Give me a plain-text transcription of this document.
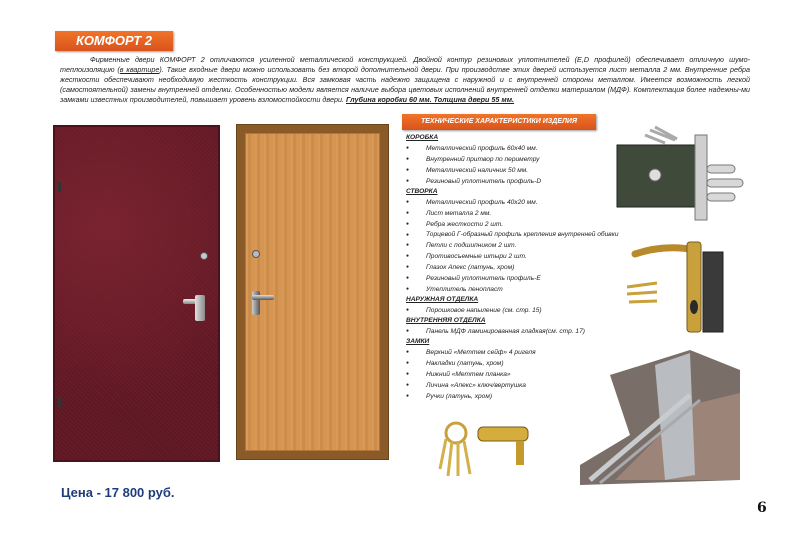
КОМФОРТ 2
Фирменные двери КОМФОРТ 2 отличаются усиленной металлической конструкцией. Двойной контур резиновых уплотнителей (E,D профилей) обеспечивает отличную шумо-теплоизоляцию (в квартире). Такие входные двери можно использовать без второй дополнительной двери. При производстве этих дверей используется лист металла 2 мм. Внутренние ребра жесткости обеспечивают необходимую жесткость конструкции. Вся замковая часть надежно защищена с наружной и с внутренней стороны металлом. Имеется возможность легкой (самостоятельной) замены внутренней отделки. Особенностью модели является наличие выбора цветовых исполнений внутренней отделки материалом (МДФ). Комплектация более надежны-ми замками известных производителей, повышает уровень взломостойкости двери. Глубина коробки 60 мм. Толщина двери 55 мм.
ТЕХНИЧЕСКИЕ ХАРАКТЕРИСТИКИ ИЗДЕЛИЯ
КОРОБКА
● Металлический профиль 60х40 мм.
● Внутренний притвор по периметру
● Металлический наличник 50 мм.
● Резиновый уплотнитель профиль-D
СТВОРКА
● Металлический профиль 40х20 мм.
● Лист металла 2 мм.
● Ребра жесткости 2 шт.
● Торцевой Г-образный профиль крепления внутренней обивки
● Петли с подшипником 2 шт.
● Противосъемные штыри 2 шт.
● Глазок Апекс (латунь, хром)
● Резиновый уплотнитель профиль-Е
● Утеплитель пенопласт
НАРУЖНАЯ ОТДЕЛКА
● Порошковое напыление (см. стр. 15)
ВНУТРЕННЯЯ ОТДЕЛКА
● Панель МДФ ламинированная гладкая(см. стр. 17)
ЗАМКИ
● Верхний «Меттем сейф» 4 ригеля
● Накладки (латунь, хром)
● Нижний «Меттем планка»
● Личина «Апекс» ключ/вертушка
● Ручки (латунь, хром)
Цена - 17 800 руб.
6
